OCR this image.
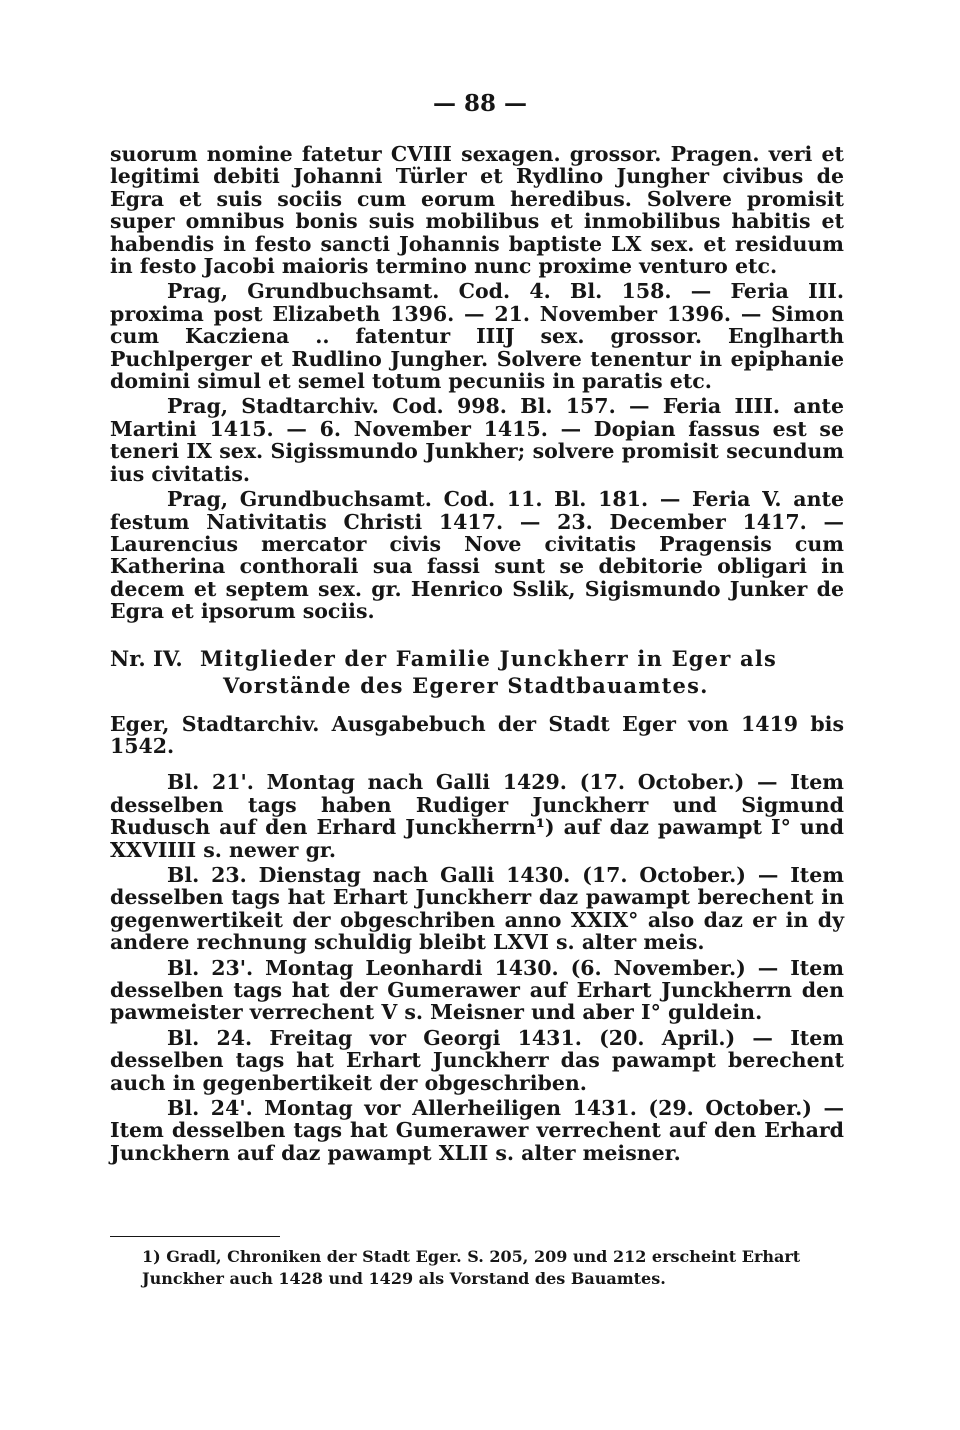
— 88 —

suorum nomine fatetur CVIII sexagen. grossor. Pragen. veri et legitimi debiti Johanni Türler et Rydlino Jungher civibus de Egra et suis sociis cum eorum heredibus. Solvere promisit super omnibus bonis suis mobilibus et inmobilibus habitis et habendis in festo sancti Johannis baptiste LX sex. et residuum in festo Jacobi maioris termino nunc proxime venturo etc.

Prag, Grundbuchsamt. Cod. 4. Bl. 158. — Feria III. proxima post Elizabeth 1396. — 21. November 1396. — Simon cum Kacziena .. fatentur IIIJ sex. grossor. Englharth Puchlperger et Rudlino Jungher. Solvere tenentur in epiphanie domini simul et semel totum pecuniis in paratis etc.

Prag, Stadtarchiv. Cod. 998. Bl. 157. — Feria IIII. ante Martini 1415. — 6. November 1415. — Dopian fassus est se teneri IX sex. Sigissmundo Junkher; solvere promisit secundum ius civitatis.

Prag, Grundbuchsamt. Cod. 11. Bl. 181. — Feria V. ante festum Nativitatis Christi 1417. — 23. December 1417. — Laurencius mercator civis Nove civitatis Pragensis cum Katherina conthorali sua fassi sunt se debitorie obligari in decem et septem sex. gr. Henrico Sslik, Sigismundo Junker de Egra et ipsorum sociis.

Nr. IV. Mitglieder der Familie Junckherr in Eger als

Vorstände des Egerer Stadtbauamtes.

Eger, Stadtarchiv. Ausgabebuch der Stadt Eger von 1419 bis 1542.

Bl. 21'. Montag nach Galli 1429. (17. October.) — Item desselben tags haben Rudiger Junckherr und Sigmund Rudusch auf den Erhard Junckherrn¹) auf daz pawampt I° und XXVIIII s. newer gr.

Bl. 23. Dienstag nach Galli 1430. (17. October.) — Item desselben tags hat Erhart Junckherr daz pawampt berechent in gegenwertikeit der obgeschriben anno XXIX° also daz er in dy andere rechnung schuldig bleibt LXVI s. alter meis.

Bl. 23'. Montag Leonhardi 1430. (6. November.) — Item desselben tags hat der Gumerawer auf Erhart Junckherrn den pawmeister verrechent V s. Meisner und aber I° guldein.

Bl. 24. Freitag vor Georgi 1431. (20. April.) — Item desselben tags hat Erhart Junckherr das pawampt berechent auch in gegenbertikeit der obgeschriben.

Bl. 24'. Montag vor Allerheiligen 1431. (29. October.) — Item desselben tags hat Gumerawer verrechent auf den Erhard Junckhern auf daz pawampt XLII s. alter meisner.

1) Gradl, Chroniken der Stadt Eger. S. 205, 209 und 212 erscheint Erhart Junckher auch 1428 und 1429 als Vorstand des Bauamtes.
